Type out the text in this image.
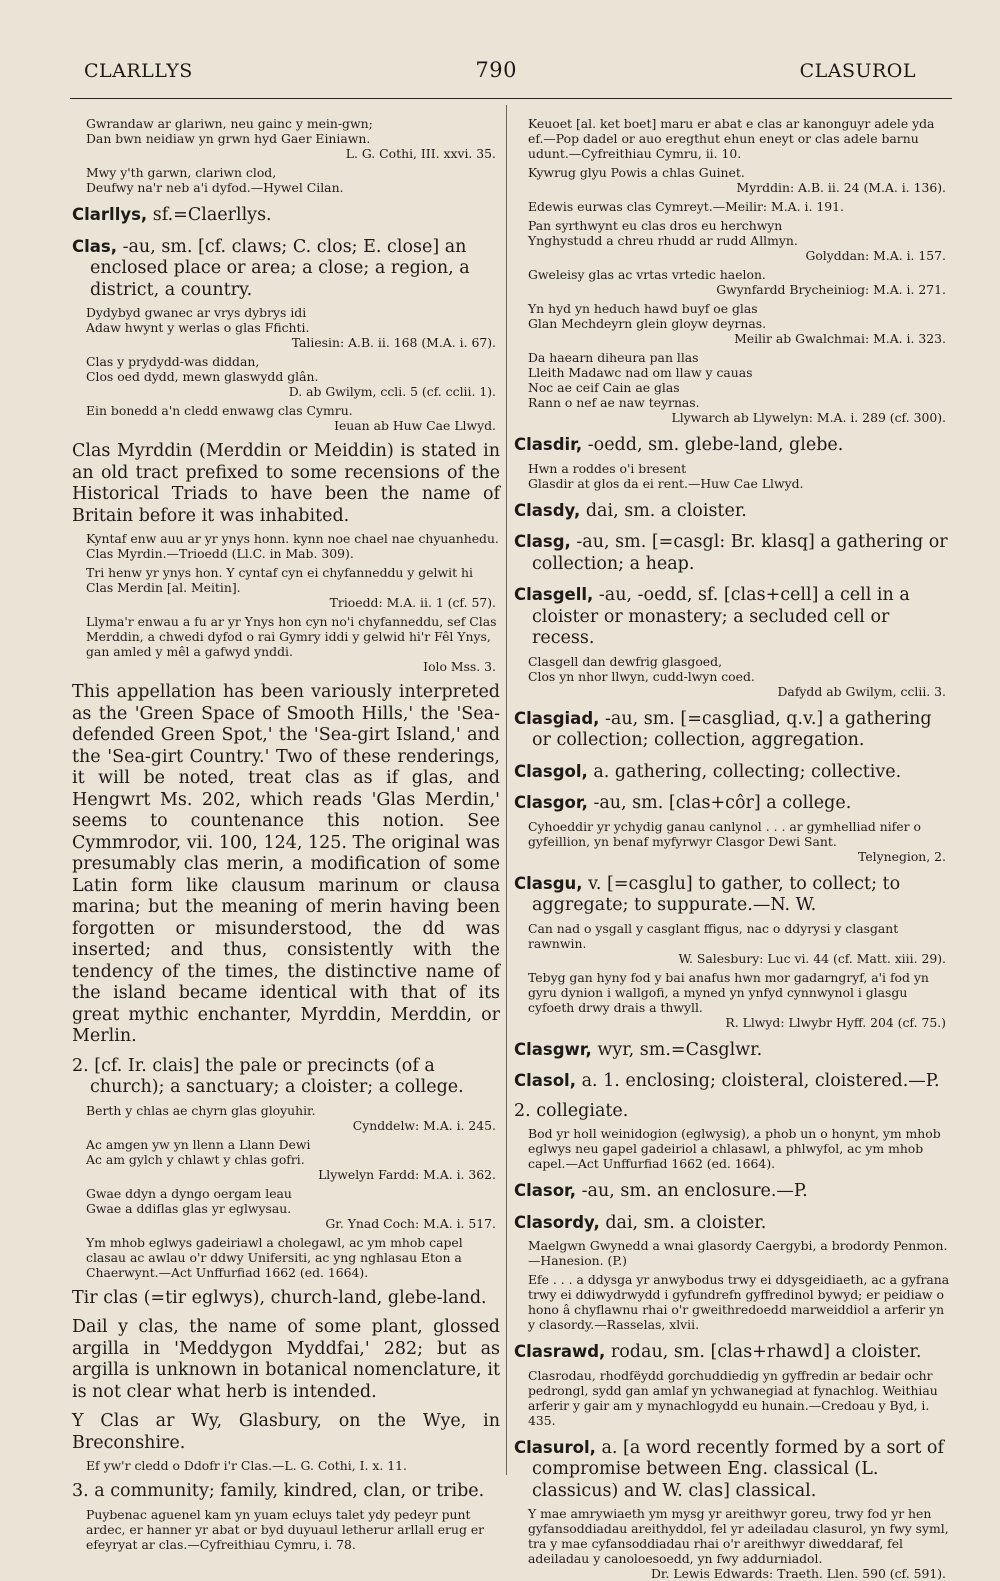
CLARLLYS	790	CLASUROL
Gwrandaw ar glariwn, neu gainc y mein-gwn;
Dan bwn neidiaw yn grwn hyd Gaer Einiawn.
L. G. Cothi, III. xxvi. 35.
Mwy y'th garwn, clariwn clod,
Deufwy na'r neb a'i dyfod.—Hywel Cilan.
Clarllys, sf.=Claerllys.
Clas, -au, sm. [cf. claws; C. clos; E. close] an enclosed place or area; a close; a region, a district, a country.
Dydybyd gwanec ar vrys dybrys idi
Adaw hwynt y werlas o glas Ffichti.
Taliesin: A.B. ii. 168 (M.A. i. 67).
Clas y prydydd-was diddan,
Clos oed dydd, mewn glaswydd glân.
D. ab Gwilym, ccli. 5 (cf. cclii. 1).
Ein bonedd a'n cledd enwawg clas Cymru.
Ieuan ab Huw Cae Llwyd.
Clas Myrddin (Merddin or Meiddin) is stated in an old tract prefixed to some recensions of the Historical Triads to have been the name of Britain before it was inhabited.
Kyntaf enw auu ar yr ynys honn. kynn noe chael nae chyuanhedu. Clas Myrdin.—Trioedd (Ll.C. in Mab. 309).
Tri henw yr ynys hon. Y cyntaf cyn ei chyfanneddu y gelwit hi Clas Merdin [al. Meitin].
Trioedd: M.A. ii. 1 (cf. 57).
Llyma'r enwau a fu ar yr Ynys hon cyn no'i chyfanneddu, sef Clas Merddin, a chwedi dyfod o rai Gymry iddi y gelwid hi'r Fêl Ynys, gan amled y mêl a gafwyd ynddi.
Iolo Mss. 3.
This appellation has been variously interpreted as the 'Green Space of Smooth Hills,' the 'Sea-defended Green Spot,' the 'Sea-girt Island,' and the 'Sea-girt Country.' Two of these renderings, it will be noted, treat clas as if glas, and Hengwrt Ms. 202, which reads 'Glas Merdin,' seems to countenance this notion. See Cymmrodor, vii. 100, 124, 125. The original was presumably clas merin, a modification of some Latin form like clausum marinum or clausa marina; but the meaning of merin having been forgotten or misunderstood, the dd was inserted; and thus, consistently with the tendency of the times, the distinctive name of the island became identical with that of its great mythic enchanter, Myrddin, Merddin, or Merlin.
2. [cf. Ir. clais] the pale or precincts (of a church); a sanctuary; a cloister; a college.
Berth y chlas ae chyrn glas gloyuhir.
Cynddelw: M.A. i. 245.
Ac amgen yw yn llenn a Llann Dewi
Ac am gylch y chlawt y chlas gofri.
Llywelyn Fardd: M.A. i. 362.
Gwae ddyn a dyngo oergam leau
Gwae a ddiflas glas yr eglwysau.
Gr. Ynad Coch: M.A. i. 517.
Ym mhob eglwys gadeiriawl a cholegawl, ac ym mhob capel clasau ac awlau o'r ddwy Unifersiti, ac yng nghlasau Eton a Chaerwynt.—Act Unffurfiad 1662 (ed. 1664).
Tir clas (=tir eglwys), church-land, glebe-land.
Dail y clas, the name of some plant, glossed argilla in 'Meddygon Myddfai,' 282; but as argilla is unknown in botanical nomenclature, it is not clear what herb is intended.
Y Clas ar Wy, Glasbury, on the Wye, in Breconshire.
Ef yw'r cledd o Ddofr i'r Clas.—L. G. Cothi, I. x. 11.
3. a community; family, kindred, clan, or tribe.
Puybenac aguenel kam yn yuam ecluys talet ydy pedeyr punt ardec, er hanner yr abat or byd duyuaul letherur arllall erug er efeyryat ar clas.—Cyfreithiau Cymru, i. 78.
Keuoet [al. ket boet] maru er abat e clas ar kanonguyr adele yda ef.—Pop dadel or auo eregthut ehun eneyt or clas adele barnu udunt.—Cyfreithiau Cymru, ii. 10.
Kywrug glyu Powis a chlas Guinet.
Myrddin: A.B. ii. 24 (M.A. i. 136).
Edewis eurwas clas Cymreyt.—Meilir: M.A. i. 191.
Pan syrthwynt eu clas dros eu herchwyn
Ynghystudd a chreu rhudd ar rudd Allmyn.
Golyddan: M.A. i. 157.
Gweleisy glas ac vrtas vrtedic haelon.
Gwynfardd Brycheiniog: M.A. i. 271.
Yn hyd yn heduch hawd buyf oe glas
Glan Mechdeyrn glein gloyw deyrnas.
Meilir ab Gwalchmai: M.A. i. 323.
Da haearn diheura pan llas
Lleith Madawc nad om llaw y cauas
Noc ae ceif Cain ae glas
Rann o nef ae naw teyrnas.
Llywarch ab Llywelyn: M.A. i. 289 (cf. 300).
Clasdir, -oedd, sm. glebe-land, glebe.
Hwn a roddes o'i bresent
Glasdir at glos da ei rent.—Huw Cae Llwyd.
Clasdy, dai, sm. a cloister.
Clasg, -au, sm. [=casgl: Br. klasq] a gathering or collection; a heap.
Clasgell, -au, -oedd, sf. [clas+cell] a cell in a cloister or monastery; a secluded cell or recess.
Clasgell dan dewfrig glasgoed,
Clos yn nhor llwyn, cudd-lwyn coed.
Dafydd ab Gwilym, cclii. 3.
Clasgiad, -au, sm. [=casgliad, q.v.] a gathering or collection; collection, aggregation.
Clasgol, a. gathering, collecting; collective.
Clasgor, -au, sm. [clas+côr] a college.
Cyhoeddir yr ychydig ganau canlynol . . . ar gymhelliad nifer o gyfeillion, yn benaf myfyrwyr Clasgor Dewi Sant.
Telynegion, 2.
Clasgu, v. [=casglu] to gather, to collect; to aggregate; to suppurate.—N. W.
Can nad o ysgall y casglant ffigus, nac o ddyrysi y clasgant rawnwin.
W. Salesbury: Luc vi. 44 (cf. Matt. xiii. 29).
Tebyg gan hyny fod y bai anafus hwn mor gadarngryf, a'i fod yn gyru dynion i wallgofi, a myned yn ynfyd cynnwynol i glasgu cyfoeth drwy drais a thwyll.
R. Llwyd: Llwybr Hyff. 204 (cf. 75.)
Clasgwr, wyr, sm.=Casglwr.
Clasol, a. 1. enclosing; cloisteral, cloistered.—P.
2. collegiate.
Bod yr holl weinidogion (eglwysig), a phob un o honynt, ym mhob eglwys neu gapel gadeiriol a chlasawl, a phlwyfol, ac ym mhob capel.—Act Unffurfiad 1662 (ed. 1664).
Clasor, -au, sm. an enclosure.—P.
Clasordy, dai, sm. a cloister.
Maelgwn Gwynedd a wnai glasordy Caergybi, a brodordy Penmon.—Hanesion. (P.)
Efe . . . a ddysga yr anwybodus trwy ei ddysgeidiaeth, ac a gyfrana trwy ei ddiwydrwydd i gyfundrefn gyffredinol bywyd; er peidiaw o hono â chyflawnu rhai o'r gweithredoedd marweiddiol a arferir yn y clasordy.—Rasselas, xlvii.
Clasrawd, rodau, sm. [clas+rhawd] a cloister.
Clasrodau, rhodfëydd gorchuddiedig yn gyffredin ar bedair ochr pedrongl, sydd gan amlaf yn ychwanegiad at fynachlog. Weithiau arferir y gair am y mynachlogydd eu hunain.—Credoau y Byd, i. 435.
Clasurol, a. [a word recently formed by a sort of compromise between Eng. classical (L. classicus) and W. clas] classical.
Y mae amrywiaeth ym mysg yr areithwyr goreu, trwy fod yr hen gyfansoddiadau areithyddol, fel yr adeiladau clasurol, yn fwy syml, tra y mae cyfansoddiadau rhai o'r areithwyr diweddaraf, fel adeiladau y canoloesoedd, yn fwy addurniadol.
Dr. Lewis Edwards: Traeth. Llen. 590 (cf. 591).
